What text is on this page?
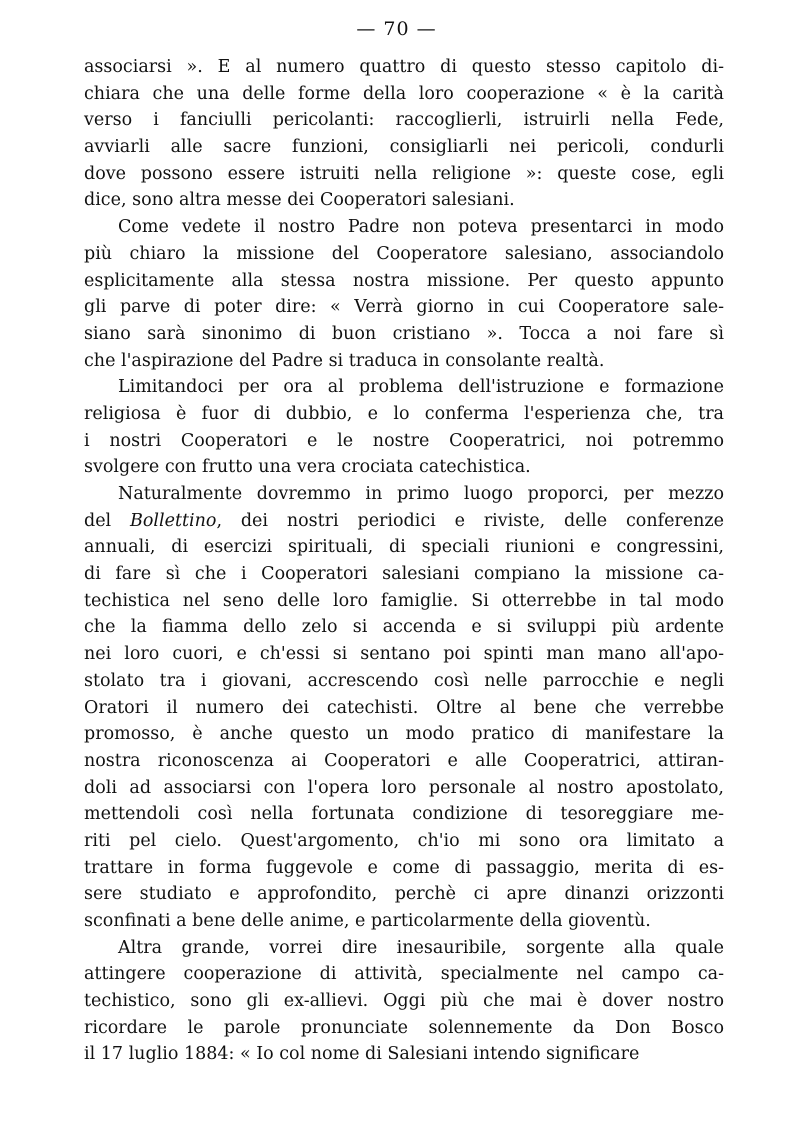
— 70 —
associarsi ». E al numero quattro di questo stesso capitolo di-
chiara che una delle forme della loro cooperazione « è la carità
verso i fanciulli pericolanti: raccoglierli, istruirli nella Fede,
avviarli alle sacre funzioni, consigliarli nei pericoli, condurli
dove possono essere istruiti nella religione »: queste cose, egli
dice, sono altra messe dei Cooperatori salesiani.
Come vedete il nostro Padre non poteva presentarci in modo
più chiaro la missione del Cooperatore salesiano, associandolo
esplicitamente alla stessa nostra missione. Per questo appunto
gli parve di poter dire: « Verrà giorno in cui Cooperatore sale-
siano sarà sinonimo di buon cristiano ». Tocca a noi fare sì
che l'aspirazione del Padre si traduca in consolante realtà.
Limitandoci per ora al problema dell'istruzione e formazione
religiosa è fuor di dubbio, e lo conferma l'esperienza che, tra
i nostri Cooperatori e le nostre Cooperatrici, noi potremmo
svolgere con frutto una vera crociata catechistica.
Naturalmente dovremmo in primo luogo proporci, per mezzo
del Bollettino, dei nostri periodici e riviste, delle conferenze
annuali, di esercizi spirituali, di speciali riunioni e congressini,
di fare sì che i Cooperatori salesiani compiano la missione ca-
techistica nel seno delle loro famiglie. Si otterrebbe in tal modo
che la fiamma dello zelo si accenda e si sviluppi più ardente
nei loro cuori, e ch'essi si sentano poi spinti man mano all'apo-
stolato tra i giovani, accrescendo così nelle parrocchie e negli
Oratori il numero dei catechisti. Oltre al bene che verrebbe
promosso, è anche questo un modo pratico di manifestare la
nostra riconoscenza ai Cooperatori e alle Cooperatrici, attiran-
doli ad associarsi con l'opera loro personale al nostro apostolato,
mettendoli così nella fortunata condizione di tesoreggiare me-
riti pel cielo. Quest'argomento, ch'io mi sono ora limitato a
trattare in forma fuggevole e come di passaggio, merita di es-
sere studiato e approfondito, perchè ci apre dinanzi orizzonti
sconfinati a bene delle anime, e particolarmente della gioventù.
Altra grande, vorrei dire inesauribile, sorgente alla quale
attingere cooperazione di attività, specialmente nel campo ca-
techistico, sono gli ex-allievi. Oggi più che mai è dover nostro
ricordare le parole pronunciate solennemente da Don Bosco
il 17 luglio 1884: « Io col nome di Salesiani intendo significare
